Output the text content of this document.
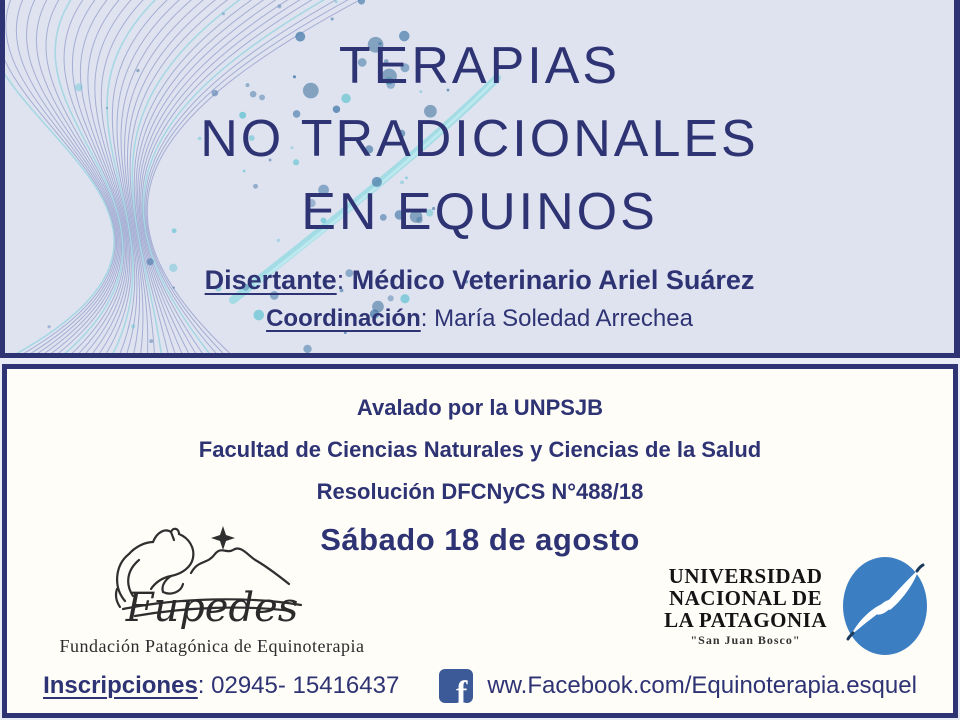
TERAPIAS
NO TRADICIONALES
EN EQUINOS
Disertante: Médico Veterinario Ariel Suárez
Coordinación: María Soledad Arrechea
Avalado por la UNPSJB
Facultad de Ciencias Naturales y Ciencias de la Salud
Resolución DFCNyCS N°488/18
Sábado 18 de agosto
Fupedes
Fundación Patagónica de Equinoterapia
UNIVERSIDAD
NACIONAL DE
LA PATAGONIA
"San Juan Bosco"
Inscripciones: 02945- 15416437 f ww.Facebook.com/Equinoterapia.esquel
